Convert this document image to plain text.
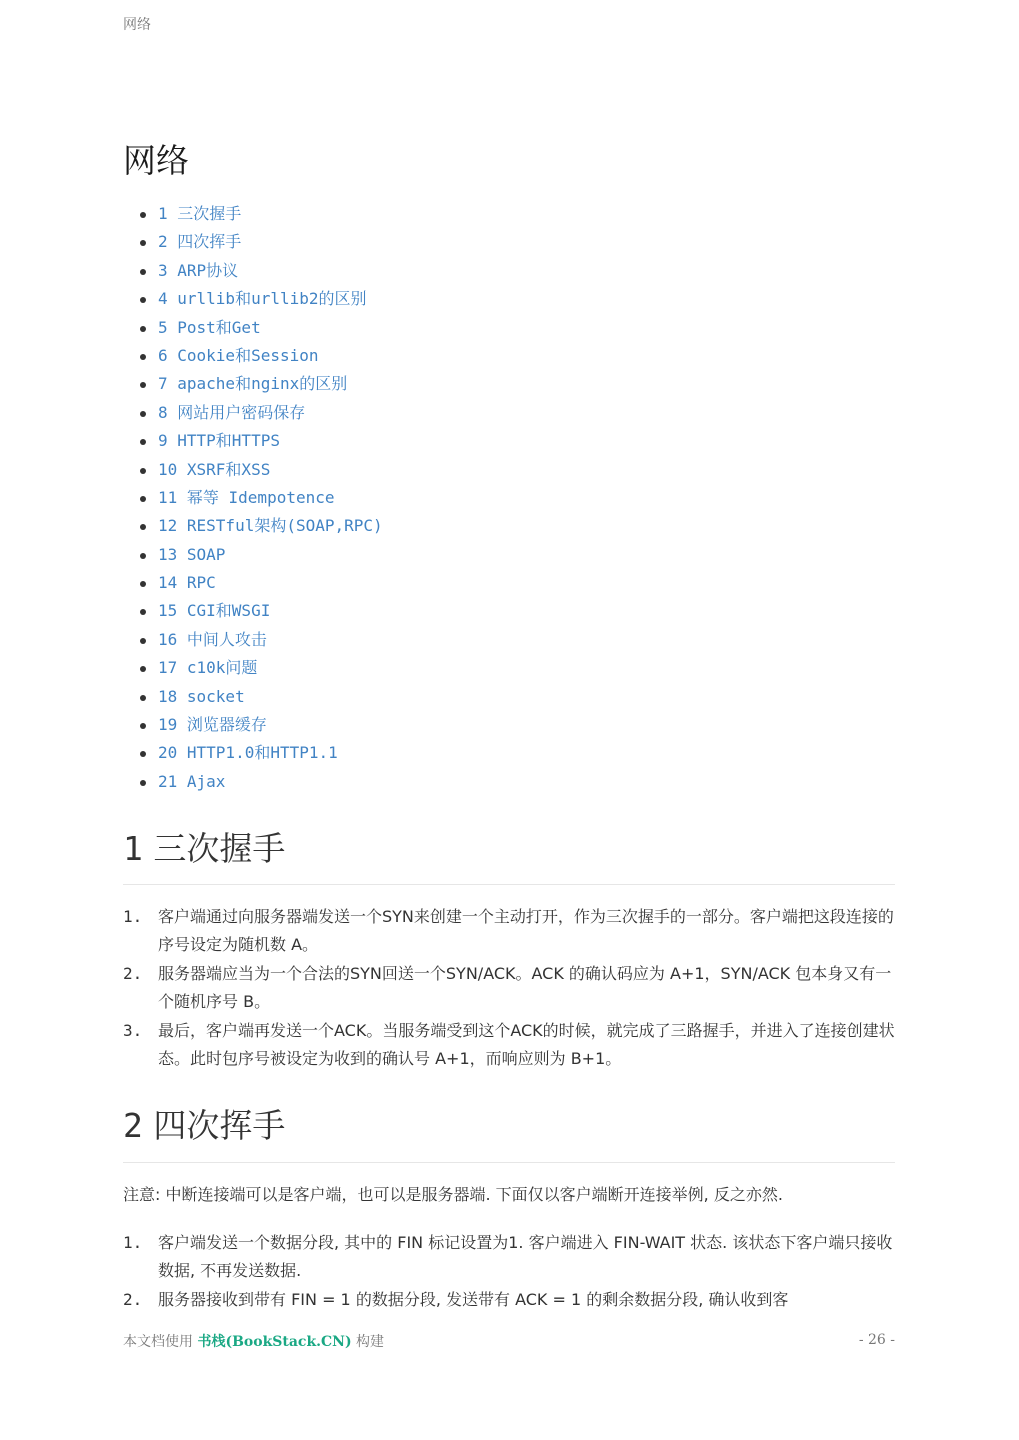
网络
网络
1 三次握手
2 四次挥手
3 ARP协议
4 urllib和urllib2的区别
5 Post和Get
6 Cookie和Session
7 apache和nginx的区别
8 网站用户密码保存
9 HTTP和HTTPS
10 XSRF和XSS
11 幂等 Idempotence
12 RESTful架构(SOAP,RPC)
13 SOAP
14 RPC
15 CGI和WSGI
16 中间人攻击
17 c10k问题
18 socket
19 浏览器缓存
20 HTTP1.0和HTTP1.1
21 Ajax
1 三次握手
1. 客户端通过向服务器端发送一个SYN来创建一个主动打开，作为三次握手的一部分。客户端把这段连接的序号设定为随机数 A。
2. 服务器端应当为一个合法的SYN回送一个SYN/ACK。ACK 的确认码应为 A+1，SYN/ACK 包本身又有一个随机序号 B。
3. 最后，客户端再发送一个ACK。当服务端受到这个ACK的时候，就完成了三路握手，并进入了连接创建状态。此时包序号被设定为收到的确认号 A+1，而响应则为 B+1。
2 四次挥手

注意: 中断连接端可以是客户端，也可以是服务器端. 下面仅以客户端断开连接举例, 反之亦然.

1. 客户端发送一个数据分段, 其中的 FIN 标记设置为1. 客户端进入 FIN-WAIT 状态. 该状态下客户端只接收数据, 不再发送数据.
2. 服务器接收到带有 FIN = 1 的数据分段, 发送带有 ACK = 1 的剩余数据分段, 确认收到客
本文档使用 书栈(BookStack.CN) 构建	- 26 -
